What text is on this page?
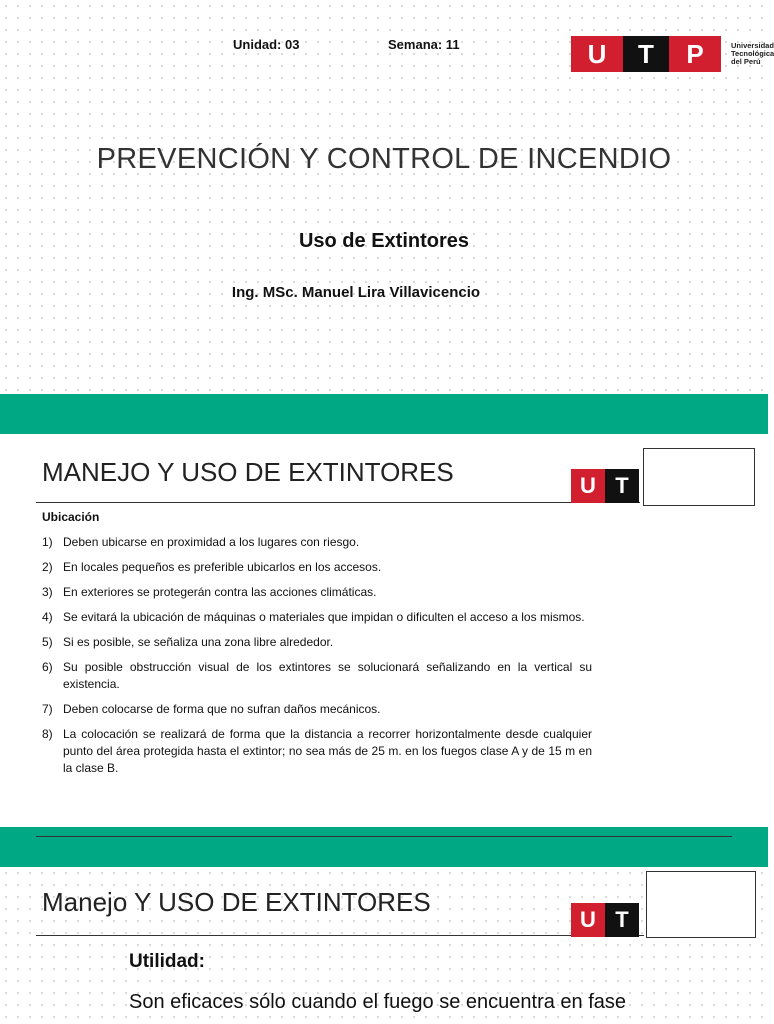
Unidad: 03	Semana: 11	U	T	P	Universidad
Tecnológica
del Perú
PREVENCIÓN Y CONTROL DE INCENDIO
Uso de Extintores
Ing. MSc. Manuel Lira Villavicencio
MANEJO Y USO DE EXTINTORES	U T
Ubicación
1) Deben ubicarse en proximidad a los lugares con riesgo.
2) En locales pequeños es preferible ubicarlos en los accesos.
3) En exteriores se protegerán contra las acciones climáticas.
4) Se evitará la ubicación de máquinas o materiales que impidan o dificulten el acceso a los mismos.
5) Si es posible, se señaliza una zona libre alrededor.
6) Su posible obstrucción visual de los extintores se solucionará señalizando en la vertical su existencia.
7) Deben colocarse de forma que no sufran daños mecánicos.
8) La colocación se realizará de forma que la distancia a recorrer horizontalmente desde cualquier punto del área protegida hasta el extintor; no sea más de 25 m. en los fuegos clase A y de 15 m en la clase B.
Manejo Y USO DE EXTINTORES
U T
Utilidad:
Son eficaces sólo cuando el fuego se encuentra en fase
